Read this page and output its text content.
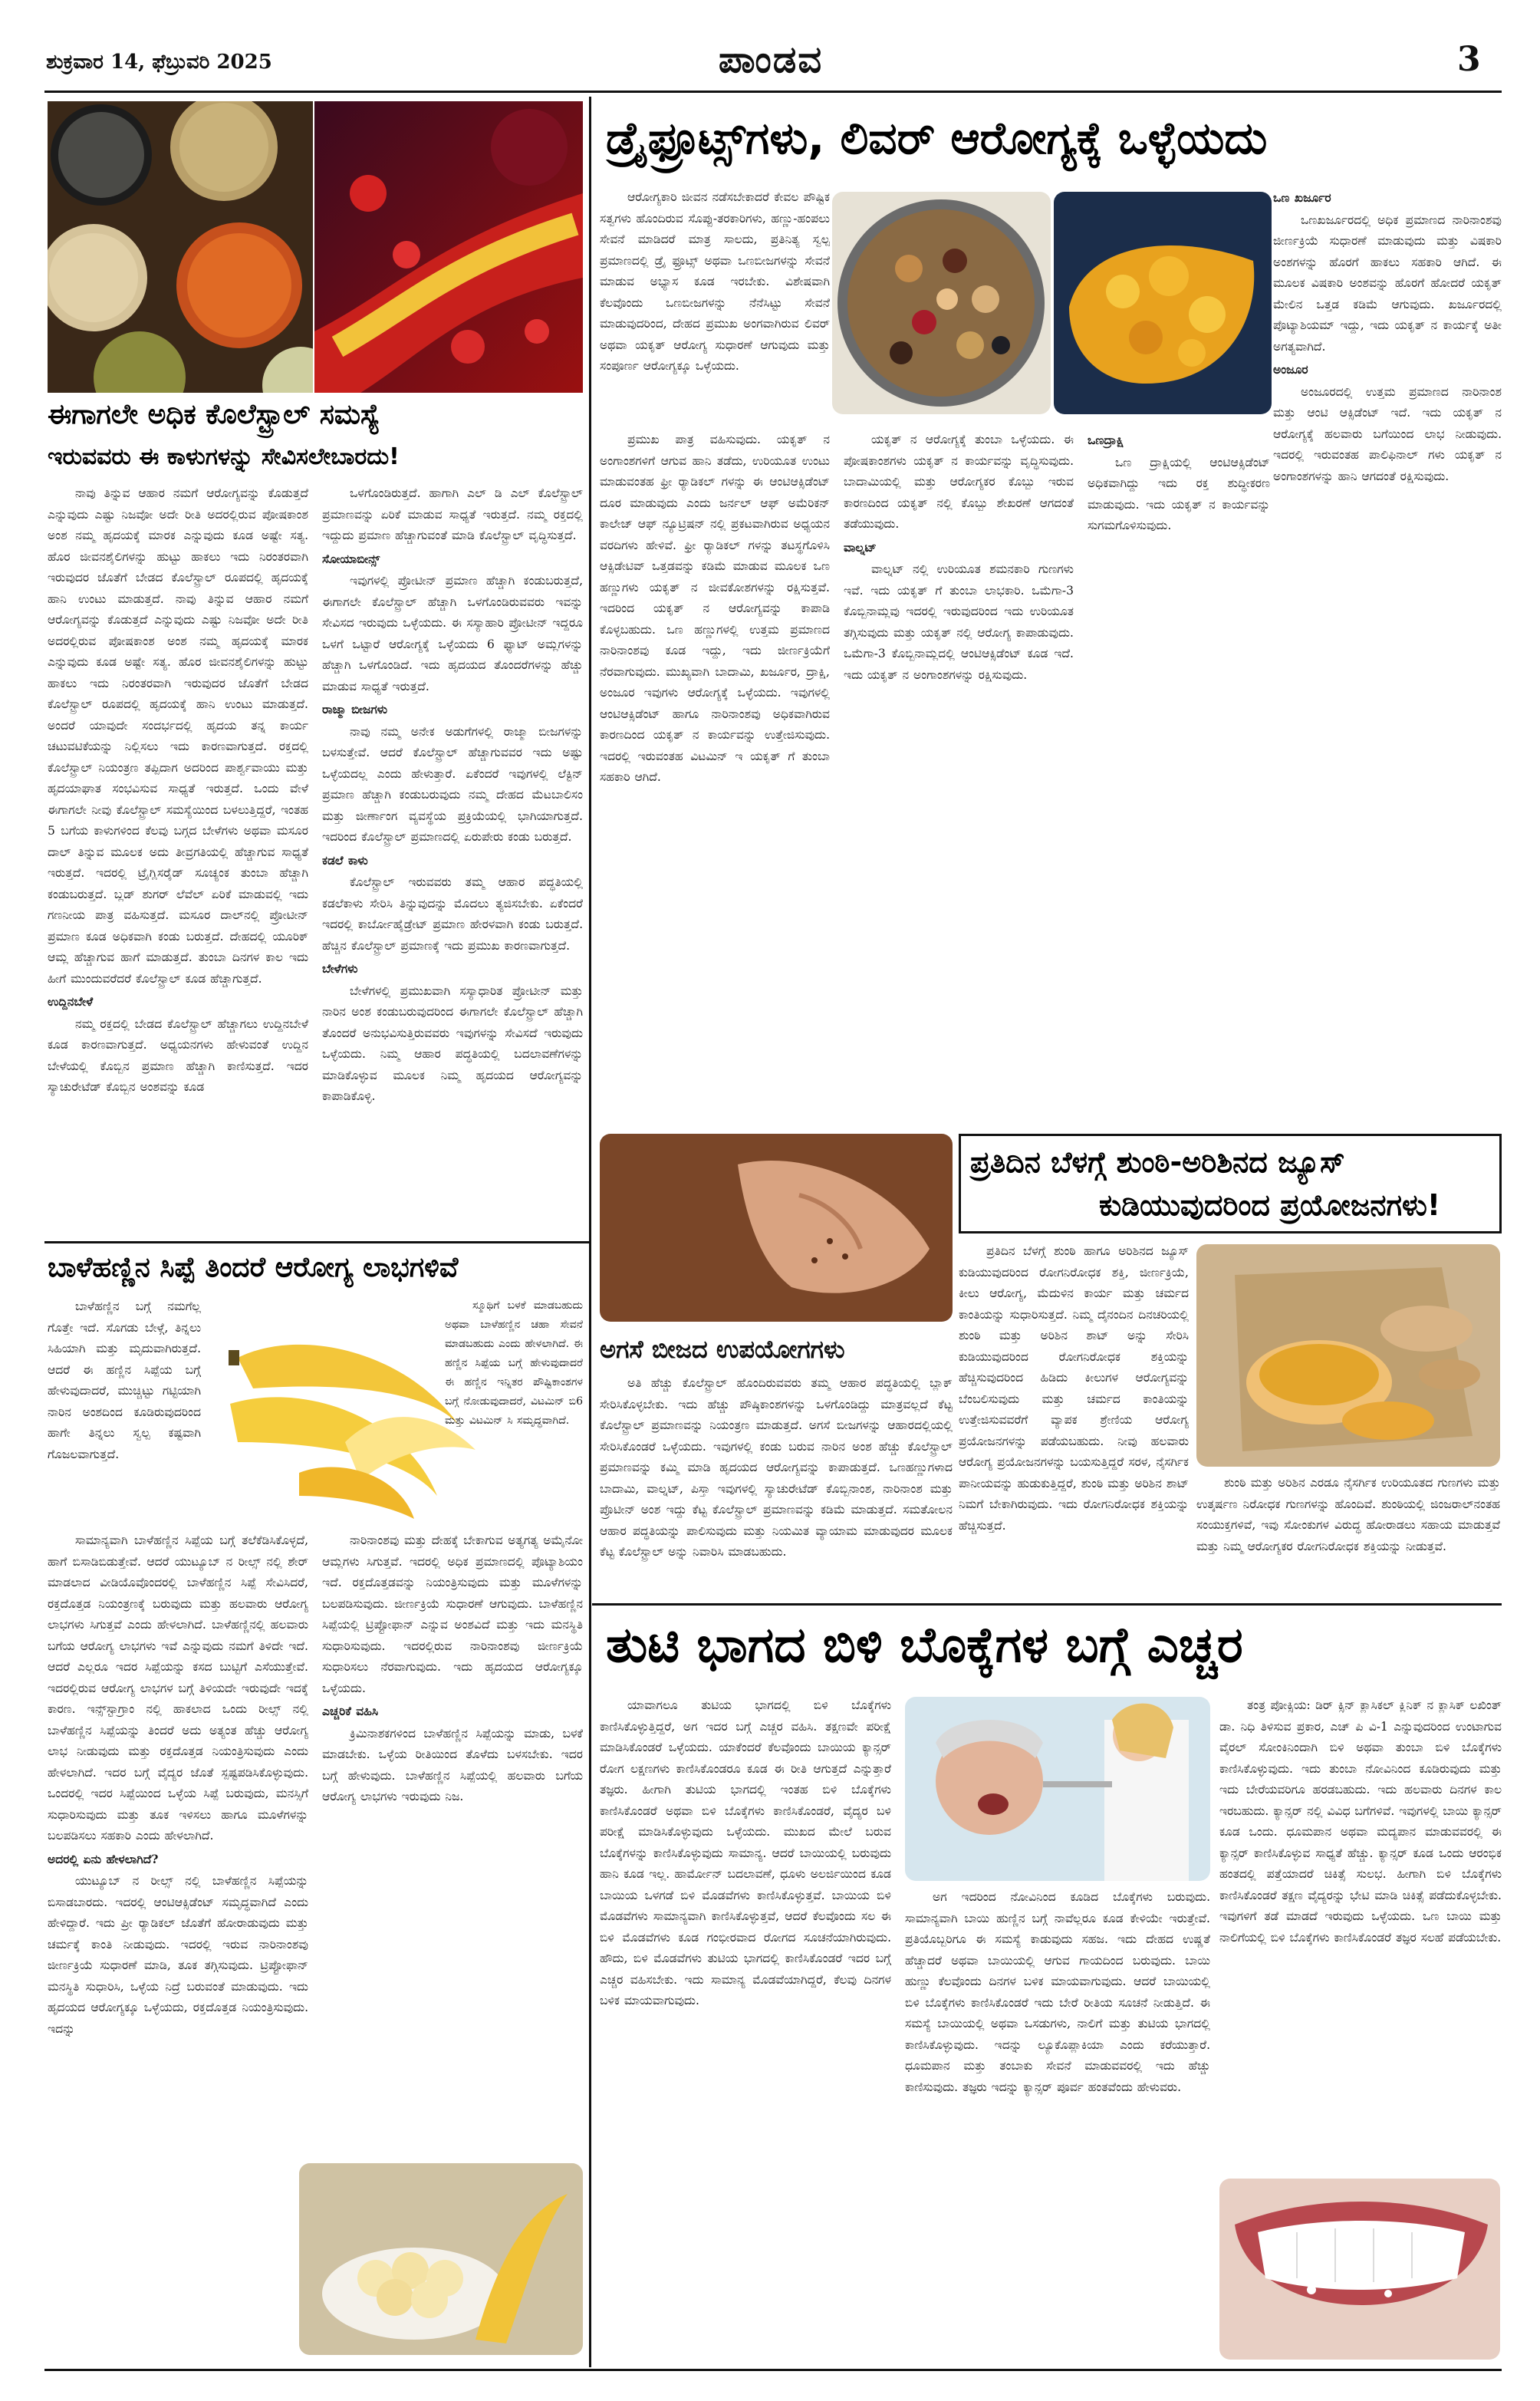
ಶುಕ್ರವಾರ 14, ಫೆಬ್ರುವರಿ 2025	ಪಾಂಡವ	3
ಈಗಾಗಲೇ ಅಧಿಕ ಕೊಲೆಸ್ಟ್ರಾಲ್ ಸಮಸ್ಯೆ
ಇರುವವರು ಈ ಕಾಳುಗಳನ್ನು ಸೇವಿಸಲೇಬಾರದು!

ನಾವು ತಿನ್ನುವ ಆಹಾರ ನಮಗೆ ಆರೋಗ್ಯವನ್ನು ಕೊಡುತ್ತದೆ ಎನ್ನುವುದು ಎಷ್ಟು ನಿಜವೋ ಅದೇ ರೀತಿ ಅದರಲ್ಲಿರುವ ಪೋಷಕಾಂಶ ಅಂಶ ನಮ್ಮ ಹೃದಯಕ್ಕೆ ಮಾರಕ ಎನ್ನುವುದು ಕೂಡ ಅಷ್ಟೇ ಸತ್ಯ. ಹೊರ ಜೀವನಶೈಲಿಗಳನ್ನು ಹುಟ್ಟು ಹಾಕಲು ಇದು ನಿರಂತರವಾಗಿ ಇರುವುದರ ಜೊತೆಗೆ ಬೇಡದ ಕೊಲೆಸ್ಟ್ರಾಲ್ ರೂಪದಲ್ಲಿ ಹೃದಯಕ್ಕೆ ಹಾನಿ ಉಂಟು ಮಾಡುತ್ತದೆ. ನಾವು ತಿನ್ನುವ ಆಹಾರ ನಮಗೆ ಆರೋಗ್ಯವನ್ನು ಕೊಡುತ್ತದೆ ಎನ್ನುವುದು ಎಷ್ಟು ನಿಜವೋ ಅದೇ ರೀತಿ ಅದರಲ್ಲಿರುವ ಪೋಷಕಾಂಶ ಅಂಶ ನಮ್ಮ ಹೃದಯಕ್ಕೆ ಮಾರಕ ಎನ್ನುವುದು ಕೂಡ ಅಷ್ಟೇ ಸತ್ಯ. ಹೊರ ಜೀವನಶೈಲಿಗಳನ್ನು ಹುಟ್ಟು ಹಾಕಲು ಇದು ನಿರಂತರವಾಗಿ ಇರುವುದರ ಜೊತೆಗೆ ಬೇಡದ ಕೊಲೆಸ್ಟ್ರಾಲ್ ರೂಪದಲ್ಲಿ ಹೃದಯಕ್ಕೆ ಹಾನಿ ಉಂಟು ಮಾಡುತ್ತದೆ. ಅಂದರೆ ಯಾವುದೇ ಸಂದರ್ಭದಲ್ಲಿ ಹೃದಯ ತನ್ನ ಕಾರ್ಯ ಚಟುವಟಿಕೆಯನ್ನು ನಿಲ್ಲಿಸಲು ಇದು ಕಾರಣವಾಗುತ್ತದೆ. ರಕ್ತದಲ್ಲಿ ಕೊಲೆಸ್ಟ್ರಾಲ್ ನಿಯಂತ್ರಣ ತಪ್ಪಿದಾಗ ಅದರಿಂದ ಪಾರ್ಶ್ವವಾಯು ಮತ್ತು ಹೃದಯಾಘಾತ ಸಂಭವಿಸುವ ಸಾಧ್ಯತೆ ಇರುತ್ತದೆ. ಒಂದು ವೇಳೆ ಈಗಾಗಲೇ ನೀವು ಕೊಲೆಸ್ಟ್ರಾಲ್ ಸಮಸ್ಯೆಯಿಂದ ಬಳಲುತ್ತಿದ್ದರೆ, ಇಂತಹ 5 ಬಗೆಯ ಕಾಳುಗಳಿಂದ ಕೆಲವು ಬಗ್ಗದ ಬೇಳೆಗಳು ಅಥವಾ ಮಸೂರ ದಾಲ್ ತಿನ್ನುವ ಮೂಲಕ ಅದು ತೀವ್ರಗತಿಯಲ್ಲಿ ಹೆಚ್ಚಾಗುವ ಸಾಧ್ಯತೆ ಇರುತ್ತದೆ. ಇದರಲ್ಲಿ ಟ್ರೈಗ್ಲಿಸರೈಡ್ ಸೂಚ್ಯಂಕ ತುಂಬಾ ಹೆಚ್ಚಾಗಿ ಕಂಡುಬರುತ್ತದೆ. ಬ್ಲಡ್ ಶುಗರ್ ಲೆವೆಲ್ ಏರಿಕೆ ಮಾಡುವಲ್ಲಿ ಇದು ಗಣನೀಯ ಪಾತ್ರ ವಹಿಸುತ್ತದೆ. ಮಸೂರ ದಾಲ್‌ನಲ್ಲಿ ಪ್ರೋಟೀನ್ ಪ್ರಮಾಣ ಕೂಡ ಅಧಿಕವಾಗಿ ಕಂಡು ಬರುತ್ತದೆ. ದೇಹದಲ್ಲಿ ಯೂರಿಕ್ ಆಮ್ಲ ಹೆಚ್ಚಾಗುವ ಹಾಗೆ ಮಾಡುತ್ತದೆ. ತುಂಬಾ ದಿನಗಳ ಕಾಲ ಇದು ಹೀಗೆ ಮುಂದುವರೆದರೆ ಕೊಲೆಸ್ಟ್ರಾಲ್ ಕೂಡ ಹೆಚ್ಚಾಗುತ್ತದೆ.

ಉದ್ದಿನಬೇಳೆ

ನಮ್ಮ ರಕ್ತದಲ್ಲಿ ಬೇಡದ ಕೊಲೆಸ್ಟ್ರಾಲ್ ಹೆಚ್ಚಾಗಲು ಉದ್ದಿನಬೇಳೆ ಕೂಡ ಕಾರಣವಾಗುತ್ತದೆ. ಅಧ್ಯಯನಗಳು ಹೇಳುವಂತೆ ಉದ್ದಿನ ಬೇಳೆಯಲ್ಲಿ ಕೊಬ್ಬಿನ ಪ್ರಮಾಣ ಹೆಚ್ಚಾಗಿ ಕಾಣಿಸುತ್ತದೆ. ಇದರ ಸ್ಯಾಚುರೇಟೆಡ್ ಕೊಬ್ಬಿನ ಅಂಶವನ್ನು ಕೂಡ

ಒಳಗೊಂಡಿರುತ್ತದೆ. ಹಾಗಾಗಿ ಎಲ್ ಡಿ ಎಲ್ ಕೊಲೆಸ್ಟ್ರಾಲ್ ಪ್ರಮಾಣವನ್ನು ಏರಿಕೆ ಮಾಡುವ ಸಾಧ್ಯತೆ ಇರುತ್ತದೆ. ನಮ್ಮ ರಕ್ತದಲ್ಲಿ ಇದ್ದುದು ಪ್ರಮಾಣ ಹೆಚ್ಚಾಗುವಂತೆ ಮಾಡಿ ಕೊಲೆಸ್ಟ್ರಾಲ್ ವೃದ್ಧಿಸುತ್ತದೆ.

ಸೋಯಾಬೀನ್ಸ್

ಇವುಗಳಲ್ಲಿ ಪ್ರೋಟೀನ್ ಪ್ರಮಾಣ ಹೆಚ್ಚಾಗಿ ಕಂಡುಬರುತ್ತದೆ, ಈಗಾಗಲೇ ಕೊಲೆಸ್ಟ್ರಾಲ್ ಹೆಚ್ಚಾಗಿ ಒಳಗೊಂಡಿರುವವರು ಇವನ್ನು ಸೇವಿಸದ ಇರುವುದು ಒಳ್ಳೆಯದು. ಈ ಸಸ್ಯಾಹಾರಿ ಪ್ರೋಟೀನ್ ಇದ್ದರೂ ಒಳಗೆ ಒಟ್ಟಾರೆ ಆರೋಗ್ಯಕ್ಕೆ ಒಳ್ಳೆಯದು 6 ಫ್ಯಾಟ್ ಅಮ್ಲಗಳನ್ನು ಹೆಚ್ಚಾಗಿ ಒಳಗೊಂಡಿದೆ. ಇದು ಹೃದಯದ ತೊಂದರೆಗಳನ್ನು ಹೆಚ್ಚು ಮಾಡುವ ಸಾಧ್ಯತೆ ಇರುತ್ತದೆ.

ರಾಜ್ಮಾ ಬೀಜಗಳು

ನಾವು ನಮ್ಮ ಅನೇಕ ಅಡುಗೆಗಳಲ್ಲಿ ರಾಜ್ಮಾ ಬೀಜಗಳನ್ನು ಬಳಸುತ್ತೇವೆ. ಆದರೆ ಕೊಲೆಸ್ಟ್ರಾಲ್ ಹೆಚ್ಚಾಗುವವರ ಇದು ಅಷ್ಟು ಒಳ್ಳೆಯದಲ್ಲ ಎಂದು ಹೇಳುತ್ತಾರೆ. ಏಕೆಂದರೆ ಇವುಗಳಲ್ಲಿ ಲೆಕ್ಟಿನ್ ಪ್ರಮಾಣ ಹೆಚ್ಚಾಗಿ ಕಂಡುಬರುವುದು ನಮ್ಮ ದೇಹದ ಮೆಟಬಾಲಿಸಂ ಮತ್ತು ಜೀರ್ಣಾಂಗ ವ್ಯವಸ್ಥೆಯ ಪ್ರಕ್ರಿಯೆಯಲ್ಲಿ ಭಾಗಿಯಾಗುತ್ತದೆ. ಇದರಿಂದ ಕೊಲೆಸ್ಟ್ರಾಲ್ ಪ್ರಮಾಣದಲ್ಲಿ ಏರುಪೇರು ಕಂಡು ಬರುತ್ತದೆ.

ಕಡಲೆ ಕಾಳು

ಕೊಲೆಸ್ಟ್ರಾಲ್ ಇರುವವರು ತಮ್ಮ ಆಹಾರ ಪದ್ಧತಿಯಲ್ಲಿ ಕಡಲೆಕಾಳು ಸೇರಿಸಿ ತಿನ್ನುವುದನ್ನು ಮೊದಲು ತ್ಯಜಿಸಬೇಕು. ಏಕೆಂದರೆ ಇದರಲ್ಲಿ ಕಾರ್ಬೋಹೈಡ್ರೇಟ್ ಪ್ರಮಾಣ ಹೇರಳವಾಗಿ ಕಂಡು ಬರುತ್ತದೆ. ಹೆಚ್ಚಿನ ಕೊಲೆಸ್ಟ್ರಾಲ್ ಪ್ರಮಾಣಕ್ಕೆ ಇದು ಪ್ರಮುಖ ಕಾರಣವಾಗುತ್ತದೆ.

ಬೇಳೆಗಳು

ಬೇಳೆಗಳಲ್ಲಿ ಪ್ರಮುಖವಾಗಿ ಸಸ್ಯಾಧಾರಿತ ಪ್ರೋಟೀನ್ ಮತ್ತು ನಾರಿನ ಅಂಶ ಕಂಡುಬರುವುದರಿಂದ ಈಗಾಗಲೇ ಕೊಲೆಸ್ಟ್ರಾಲ್ ಹೆಚ್ಚಾಗಿ ತೊಂದರೆ ಅನುಭವಿಸುತ್ತಿರುವವರು ಇವುಗಳನ್ನು ಸೇವಿಸದೆ ಇರುವುದು ಒಳ್ಳೆಯದು. ನಿಮ್ಮ ಆಹಾರ ಪದ್ಧತಿಯಲ್ಲಿ ಬದಲಾವಣೆಗಳನ್ನು ಮಾಡಿಕೊಳ್ಳುವ ಮೂಲಕ ನಿಮ್ಮ ಹೃದಯದ ಆರೋಗ್ಯವನ್ನು ಕಾಪಾಡಿಕೊಳ್ಳಿ.

ಬಾಳೆಹಣ್ಣಿನ ಸಿಪ್ಪೆ ತಿಂದರೆ ಆರೋಗ್ಯ ಲಾಭಗಳಿವೆ

ಬಾಳೆಹಣ್ಣಿನ ಬಗ್ಗೆ ನಮಗೆಲ್ಲ ಗೊತ್ತೇ ಇದೆ. ಸೊಗಡು ಬೇಳ್ಗೆ, ತಿನ್ನಲು ಸಿಹಿಯಾಗಿ ಮತ್ತು ಮೃದುವಾಗಿರುತ್ತದೆ. ಆದರೆ ಈ ಹಣ್ಣಿನ ಸಿಪ್ಪೆಯ ಬಗ್ಗೆ ಹೇಳುವುದಾದರೆ, ಮುಚ್ಚಿಟ್ಟು ಗಟ್ಟಿಯಾಗಿ ನಾರಿನ ಅಂಶದಿಂದ ಕೂಡಿರುವುದರಿಂದ ಹಾಗೇ ತಿನ್ನಲು ಸ್ವಲ್ಪ ಕಷ್ಟವಾಗಿ ಗೊಜಲವಾಗುತ್ತದೆ.

ಸಾಮಾನ್ಯವಾಗಿ ಬಾಳೆಹಣ್ಣಿನ ಸಿಪ್ಪೆಯ ಬಗ್ಗೆ ತಲೆಕೆಡಿಸಿಕೊಳ್ಳದೆ, ಹಾಗೆ ಬಿಸಾಡಿಬಿಡುತ್ತೇವೆ. ಆದರೆ ಯುಟ್ಯೂಬ್ ನ ರೀಲ್ಸ್ ನಲ್ಲಿ ಶೇರ್ ಮಾಡಲಾದ ವೀಡಿಯೊವೊಂದರಲ್ಲಿ ಬಾಳೆಹಣ್ಣಿನ ಸಿಪ್ಪೆ ಸೇವಿಸಿದರೆ, ರಕ್ತದೊತ್ತಡ ನಿಯಂತ್ರಣಕ್ಕೆ ಬರುವುದು ಮತ್ತು ಹಲವಾರು ಆರೋಗ್ಯ ಲಾಭಗಳು ಸಿಗುತ್ತವೆ ಎಂದು ಹೇಳಲಾಗಿದೆ. ಬಾಳೆಹಣ್ಣಿನಲ್ಲಿ ಹಲವಾರು ಬಗೆಯ ಆರೋಗ್ಯ ಲಾಭಗಳು ಇವೆ ಎನ್ನುವುದು ನಮಗೆ ತಿಳಿದೇ ಇದೆ. ಆದರೆ ಎಲ್ಲರೂ ಇದರ ಸಿಪ್ಪೆಯನ್ನು ಕಸದ ಬುಟ್ಟಿಗೆ ಎಸೆಯುತ್ತೇವೆ. ಇದರಲ್ಲಿರುವ ಆರೋಗ್ಯ ಲಾಭಗಳ ಬಗ್ಗೆ ತಿಳಿಯದೇ ಇರುವುದೇ ಇದಕ್ಕೆ ಕಾರಣ. ಇನ್ಸ್‌ಸ್ಟಾಗ್ರಾಂ ನಲ್ಲಿ ಹಾಕಲಾದ ಒಂದು ರೀಲ್ಸ್ ನಲ್ಲಿ ಬಾಳೆಹಣ್ಣಿನ ಸಿಪ್ಪೆಯನ್ನು ತಿಂದರೆ ಅದು ಅತ್ಯಂತ ಹೆಚ್ಚು ಆರೋಗ್ಯ ಲಾಭ ನೀಡುವುದು ಮತ್ತು ರಕ್ತದೊತ್ತಡ ನಿಯಂತ್ರಿಸುವುದು ಎಂದು ಹೇಳಲಾಗಿದೆ. ಇದರ ಬಗ್ಗೆ ವೈದ್ಯರ ಜೊತೆ ಸ್ಪಷ್ಟಪಡಿಸಿಕೊಳ್ಳುವುದು. ಒಂದರಲ್ಲಿ ಇದರ ಸಿಪ್ಪೆಯಿಂದ ಒಳ್ಳೆಯ ಸಿಪ್ಪೆ ಬರುವುದು, ಮನಸ್ಸಿಗೆ ಸುಧಾರಿಸುವುದು ಮತ್ತು ತೂಕ ಇಳಿಸಲು ಹಾಗೂ ಮೂಳೆಗಳನ್ನು ಬಲಪಡಿಸಲು ಸಹಕಾರಿ ಎಂದು ಹೇಳಲಾಗಿದೆ.

ಅದರಲ್ಲಿ ಏನು ಹೇಳಲಾಗಿದೆ?

ಯುಟ್ಯೂಬ್ ನ ರೀಲ್ಸ್ ನಲ್ಲಿ ಬಾಳೆಹಣ್ಣಿನ ಸಿಪ್ಪೆಯನ್ನು ಬಿಸಾಡಬಾರದು. ಇದರಲ್ಲಿ ಆಂಟಿಆಕ್ಸಿಡೆಂಟ್ ಸಮೃದ್ಧವಾಗಿದೆ ಎಂದು ಹೇಳಿದ್ದಾರೆ. ಇದು ಪ್ರೀ ರ್‍ಯಾಡಿಕಲ್ ಜೊತೆಗೆ ಹೋರಾಡುವುದು ಮತ್ತು ಚರ್ಮಕ್ಕೆ ಕಾಂತಿ ನೀಡುವುದು. ಇದರಲ್ಲಿ ಇರುವ ನಾರಿನಾಂಶವು ಜೀರ್ಣಕ್ರಿಯೆ ಸುಧಾರಣೆ ಮಾಡಿ, ತೂಕ ತಗ್ಗಿಸುವುದು. ಟ್ರಿಪ್ಟೋಫಾನ್ ಮನಸ್ಥಿತಿ ಸುಧಾರಿಸಿ, ಒಳ್ಳೆಯ ನಿದ್ರೆ ಬರುವಂತೆ ಮಾಡುವುದು. ಇದು ಹೃದಯದ ಆರೋಗ್ಯಕ್ಕೂ ಒಳ್ಳೆಯದು, ರಕ್ತದೊತ್ತಡ ನಿಯಂತ್ರಿಸುವುದು. ಇದನ್ನು

ಸ್ಮೂಥಿಗೆ ಬಳಕೆ ಮಾಡಬಹುದು ಅಥವಾ ಬಾಳೆಹಣ್ಣಿನ ಚಹಾ ಸೇವನೆ ಮಾಡಬಹುದು ಎಂದು ಹೇಳಲಾಗಿದೆ. ಈ ಹಣ್ಣಿನ ಸಿಪ್ಪೆಯ ಬಗ್ಗೆ ಹೇಳುವುದಾದರೆ ಈ ಹಣ್ಣಿನ ಇನ್ನಿತರ ಪೌಷ್ಟಿಕಾಂಶಗಳ ಬಗ್ಗೆ ನೋಡುವುದಾದರೆ, ವಿಟಮಿನ್ ಬಿ6 ಮತ್ತು ವಿಟಮಿನ್ ಸಿ ಸಮೃದ್ಧವಾಗಿದೆ.

ನಾರಿನಾಂಶವು ಮತ್ತು ದೇಹಕ್ಕೆ ಬೇಕಾಗುವ ಅತ್ಯಗತ್ಯ ಅಮೈನೋ ಆಮ್ಲಗಳು ಸಿಗುತ್ತವೆ. ಇದರಲ್ಲಿ ಅಧಿಕ ಪ್ರಮಾಣದಲ್ಲಿ ಪೊಟ್ಯಾಶಿಯಂ ಇದೆ. ರಕ್ತದೊತ್ತಡವನ್ನು ನಿಯಂತ್ರಿಸುವುದು ಮತ್ತು ಮೂಳೆಗಳನ್ನು ಬಲಪಡಿಸುವುದು. ಜೀರ್ಣಕ್ರಿಯೆ ಸುಧಾರಣೆ ಆಗುವುದು. ಬಾಳೆಹಣ್ಣಿನ ಸಿಪ್ಪೆಯಲ್ಲಿ ಟ್ರಿಪ್ಟೋಫಾನ್ ಎನ್ನುವ ಅಂಶವಿದೆ ಮತ್ತು ಇದು ಮನಸ್ಥಿತಿ ಸುಧಾರಿಸುವುದು. ಇದರಲ್ಲಿರುವ ನಾರಿನಾಂಶವು ಜೀರ್ಣಕ್ರಿಯೆ ಸುಧಾರಿಸಲು ನೆರವಾಗುವುದು. ಇದು ಹೃದಯದ ಆರೋಗ್ಯಕ್ಕೂ ಒಳ್ಳೆಯದು.

ಎಚ್ಚರಿಕೆ ವಹಿಸಿ

ಕ್ರಿಮಿನಾಶಕಗಳಿಂದ ಬಾಳೆಹಣ್ಣಿನ ಸಿಪ್ಪೆಯನ್ನು ಮಾಡು, ಬಳಕೆ ಮಾಡಬೇಕು. ಒಳ್ಳೆಯ ರೀತಿಯಿಂದ ತೊಳೆದು ಬಳಸಬೇಕು. ಇದರ ಬಗ್ಗೆ ಹೇಳುವುದು. ಬಾಳೆಹಣ್ಣಿನ ಸಿಪ್ಪೆಯಲ್ಲಿ ಹಲವಾರು ಬಗೆಯ ಆರೋಗ್ಯ ಲಾಭಗಳು ಇರುವುದು ನಿಜ.

ಡ್ರೈಫ್ರೂಟ್ಸ್‌ಗಳು, ಲಿವರ್ ಆರೋಗ್ಯಕ್ಕೆ ಒಳ್ಳೆಯದು

ಆರೋಗ್ಯಕಾರಿ ಜೀವನ ನಡೆಸಬೇಕಾದರೆ ಕೇವಲ ಪೌಷ್ಟಿಕ ಸತ್ವಗಳು ಹೊಂದಿರುವ ಸೊಪ್ಪು-ತರಕಾರಿಗಳು, ಹಣ್ಣು-ಹಂಪಲು ಸೇವನೆ ಮಾಡಿದರೆ ಮಾತ್ರ ಸಾಲದು, ಪ್ರತಿನಿತ್ಯ ಸ್ವಲ್ಪ ಪ್ರಮಾಣದಲ್ಲಿ ಡ್ರೈ ಫ್ರೂಟ್ಸ್ ಅಥವಾ ಒಣಬೀಜಗಳನ್ನು ಸೇವನೆ ಮಾಡುವ ಅಭ್ಯಾಸ ಕೂಡ ಇರಬೇಕು. ವಿಶೇಷವಾಗಿ ಕೆಲವೊಂದು ಒಣಬೀಜಗಳನ್ನು ನೆನೆಸಿಟ್ಟು ಸೇವನೆ ಮಾಡುವುದರಿಂದ, ದೇಹದ ಪ್ರಮುಖ ಅಂಗವಾಗಿರುವ ಲಿವರ್ ಅಥವಾ ಯಕೃತ್ ಆರೋಗ್ಯ ಸುಧಾರಣೆ ಆಗುವುದು ಮತ್ತು ಸಂಪೂರ್ಣ ಆರೋಗ್ಯಕ್ಕೂ ಒಳ್ಳೆಯದು.

ಪ್ರಮುಖ ಪಾತ್ರ ವಹಿಸುವುದು. ಯಕೃತ್ ನ ಅಂಗಾಂಶಗಳಿಗೆ ಆಗುವ ಹಾನಿ ತಡೆದು, ಉರಿಯೂತ ಉಂಟು ಮಾಡುವಂತಹ ಫ್ರೀ ರ್‍ಯಾಡಿಕಲ್ ಗಳನ್ನು ಈ ಆಂಟಿಆಕ್ಸಿಡೆಂಟ್ ದೂರ ಮಾಡುವುದು ಎಂದು ಜರ್ನಲ್ ಆಫ್ ಅಮೆರಿಕನ್ ಕಾಲೇಜ್ ಆಫ್ ನ್ಯೂಟ್ರಿಷನ್ ನಲ್ಲಿ ಪ್ರಕಟವಾಗಿರುವ ಅಧ್ಯಯನ ವರದಿಗಳು ಹೇಳಿವೆ. ಫ್ರೀ ರ್‍ಯಾಡಿಕಲ್ ಗಳನ್ನು ತಟಸ್ಥಗೊಳಿಸಿ ಆಕ್ಸಿಡೇಟಿವ್ ಒತ್ತಡವನ್ನು ಕಡಿಮೆ ಮಾಡುವ ಮೂಲಕ ಒಣ ಹಣ್ಣುಗಳು ಯಕೃತ್ ನ ಜೀವಕೋಶಗಳನ್ನು ರಕ್ಷಿಸುತ್ತವೆ. ಇದರಿಂದ ಯಕೃತ್ ನ ಆರೋಗ್ಯವನ್ನು ಕಾಪಾಡಿ ಕೊಳ್ಳಬಹುದು. ಒಣ ಹಣ್ಣುಗಳಲ್ಲಿ ಉತ್ತಮ ಪ್ರಮಾಣದ ನಾರಿನಾಂಶವು ಕೂಡ ಇದ್ದು, ಇದು ಜೀರ್ಣಕ್ರಿಯೆಗೆ ನೆರವಾಗುವುದು. ಮುಖ್ಯವಾಗಿ ಬಾದಾಮಿ, ಖರ್ಜೂರ, ದ್ರಾಕ್ಷಿ, ಅಂಜೂರ ಇವುಗಳು ಆರೋಗ್ಯಕ್ಕೆ ಒಳ್ಳೆಯದು. ಇವುಗಳಲ್ಲಿ ಆಂಟಿಆಕ್ಸಿಡೆಂಟ್ ಹಾಗೂ ನಾರಿನಾಂಶವು ಅಧಿಕವಾಗಿರುವ ಕಾರಣದಿಂದ ಯಕೃತ್ ನ ಕಾರ್ಯವನ್ನು ಉತ್ತೇಜಿಸುವುದು. ಇದರಲ್ಲಿ ಇರುವಂತಹ ವಿಟಮಿನ್ ಇ ಯಕೃತ್ ಗೆ ತುಂಬಾ ಸಹಕಾರಿ ಆಗಿದೆ.

ಯಕೃತ್ ನ ಆರೋಗ್ಯಕ್ಕೆ ತುಂಬಾ ಒಳ್ಳೆಯದು. ಈ ಪೋಷಕಾಂಶಗಳು ಯಕೃತ್ ನ ಕಾರ್ಯವನ್ನು ವೃದ್ಧಿಸುವುದು. ಬಾದಾಮಿಯಲ್ಲಿ ಮತ್ತು ಆರೋಗ್ಯಕರ ಕೊಬ್ಬು ಇರುವ ಕಾರಣದಿಂದ ಯಕೃತ್ ನಲ್ಲಿ ಕೊಬ್ಬು ಶೇಖರಣೆ ಆಗದಂತೆ ತಡೆಯುವುದು.

ವಾಲ್ನಟ್

ವಾಲ್ನಟ್ ನಲ್ಲಿ ಉರಿಯೂತ ಶಮನಕಾರಿ ಗುಣಗಳು ಇವೆ. ಇದು ಯಕೃತ್ ಗೆ ತುಂಬಾ ಲಾಭಕಾರಿ. ಒಮೆಗಾ-3 ಕೊಬ್ಬಿನಾಮ್ಲವು ಇದರಲ್ಲಿ ಇರುವುದರಿಂದ ಇದು ಉರಿಯೂತ ತಗ್ಗಿಸುವುದು ಮತ್ತು ಯಕೃತ್ ನಲ್ಲಿ ಆರೋಗ್ಯ ಕಾಪಾಡುವುದು. ಒಮೆಗಾ-3 ಕೊಬ್ಬಿನಾಮ್ಲದಲ್ಲಿ ಆಂಟಿಆಕ್ಸಿಡೆಂಟ್ ಕೂಡ ಇದೆ. ಇದು ಯಕೃತ್ ನ ಅಂಗಾಂಶಗಳನ್ನು ರಕ್ಷಿಸುವುದು.

ಒಣ ಖರ್ಜೂರ

ಒಣಖರ್ಜೂರದಲ್ಲಿ ಅಧಿಕ ಪ್ರಮಾಣದ ನಾರಿನಾಂಶವು ಜೀರ್ಣಕ್ರಿಯೆ ಸುಧಾರಣೆ ಮಾಡುವುದು ಮತ್ತು ವಿಷಕಾರಿ ಅಂಶಗಳನ್ನು ಹೊರಗೆ ಹಾಕಲು ಸಹಕಾರಿ ಆಗಿದೆ. ಈ ಮೂಲಕ ವಿಷಕಾರಿ ಅಂಶವನ್ನು ಹೊರಗೆ ಹೋದರೆ ಯಕೃತ್ ಮೇಲಿನ ಒತ್ತಡ ಕಡಿಮೆ ಆಗುವುದು. ಖರ್ಜೂರದಲ್ಲಿ ಪೊಟ್ಯಾಶಿಯಮ್ ಇದ್ದು, ಇದು ಯಕೃತ್ ನ ಕಾರ್ಯಕ್ಕೆ ಅತೀ ಅಗತ್ಯವಾಗಿದೆ.

ಅಂಜೂರ

ಅಂಜೂರದಲ್ಲಿ ಉತ್ತಮ ಪ್ರಮಾಣದ ನಾರಿನಾಂಶ ಮತ್ತು ಆಂಟಿ ಆಕ್ಸಿಡೆಂಟ್ ಇದೆ. ಇದು ಯಕೃತ್ ನ ಆರೋಗ್ಯಕ್ಕೆ ಹಲವಾರು ಬಗೆಯಿಂದ ಲಾಭ ನೀಡುವುದು. ಇದರಲ್ಲಿ ಇರುವಂತಹ ಪಾಲಿಫಿನಾಲ್ ಗಳು ಯಕೃತ್ ನ ಅಂಗಾಂಶಗಳನ್ನು ಹಾನಿ ಆಗದಂತೆ ರಕ್ಷಿಸುವುದು.

ಒಣದ್ರಾಕ್ಷಿ

ಒಣ ದ್ರಾಕ್ಷಿಯಲ್ಲಿ ಆಂಟಿಆಕ್ಸಿಡೆಂಟ್ ಅಧಿಕವಾಗಿದ್ದು ಇದು ರಕ್ತ ಶುದ್ಧೀಕರಣ ಮಾಡುವುದು. ಇದು ಯಕೃತ್ ನ ಕಾರ್ಯವನ್ನು ಸುಗಮಗೊಳಿಸುವುದು.

ಅಗಸೆ ಬೀಜದ ಉಪಯೋಗಗಳು

ಅತಿ ಹೆಚ್ಚು ಕೊಲೆಸ್ಟ್ರಾಲ್ ಹೊಂದಿರುವವರು ತಮ್ಮ ಆಹಾರ ಪದ್ಧತಿಯಲ್ಲಿ ಬ್ಲಾಕ್ ಸೇರಿಸಿಕೊಳ್ಳಬೇಕು. ಇದು ಹೆಚ್ಚು ಪೌಷ್ಠಿಕಾಂಶಗಳನ್ನು ಒಳಗೊಂಡಿದ್ದು ಮಾತ್ರವಲ್ಲದೆ ಕೆಟ್ಟ ಕೊಲೆಸ್ಟ್ರಾಲ್ ಪ್ರಮಾಣವನ್ನು ನಿಯಂತ್ರಣ ಮಾಡುತ್ತದೆ. ಅಗಸೆ ಬೀಜಗಳನ್ನು ಆಹಾರದಲ್ಲಿಯಲ್ಲಿ ಸೇರಿಸಿಕೊಂಡರೆ ಒಳ್ಳೆಯದು. ಇವುಗಳಲ್ಲಿ ಕಂಡು ಬರುವ ನಾರಿನ ಅಂಶ ಹೆಚ್ಚು ಕೊಲೆಸ್ಟ್ರಾಲ್ ಪ್ರಮಾಣವನ್ನು ಕಮ್ಮಿ ಮಾಡಿ ಹೃದಯದ ಆರೋಗ್ಯವನ್ನು ಕಾಪಾಡುತ್ತದೆ. ಒಣಹಣ್ಣುಗಳಾದ ಬಾದಾಮಿ, ವಾಲ್ನಟ್, ಪಿಸ್ತಾ ಇವುಗಳಲ್ಲಿ ಸ್ಯಾಚುರೇಟೆಡ್ ಕೊಬ್ಬಿನಾಂಶ, ನಾರಿನಾಂಶ ಮತ್ತು ಪ್ರೊಟೀನ್ ಅಂಶ ಇದ್ದು ಕೆಟ್ಟ ಕೊಲೆಸ್ಟ್ರಾಲ್ ಪ್ರಮಾಣವನ್ನು ಕಡಿಮೆ ಮಾಡುತ್ತದೆ. ಸಮತೋಲನ ಆಹಾರ ಪದ್ಧತಿಯನ್ನು ಪಾಲಿಸುವುದು ಮತ್ತು ನಿಯಮಿತ ವ್ಯಾಯಾಮ ಮಾಡುವುದರ ಮೂಲಕ ಕೆಟ್ಟ ಕೊಲೆಸ್ಟ್ರಾಲ್ ಅನ್ನು ನಿವಾರಿಸಿ ಮಾಡಬಹುದು.

ಪ್ರತಿದಿನ ಬೆಳಗ್ಗೆ ಶುಂಠಿ-ಅರಿಶಿನದ ಜ್ಯೂಸ್
ಕುಡಿಯುವುದರಿಂದ ಪ್ರಯೋಜನಗಳು!

ಪ್ರತಿದಿನ ಬೆಳಗ್ಗೆ ಶುಂಠಿ ಹಾಗೂ ಅರಿಶಿನದ ಜ್ಯೂಸ್ ಕುಡಿಯುವುದರಿಂದ ರೋಗನಿರೋಧಕ ಶಕ್ತಿ, ಜೀರ್ಣಕ್ರಿಯೆ, ಕೀಲು ಆರೋಗ್ಯ, ಮೆದುಳಿನ ಕಾರ್ಯ ಮತ್ತು ಚರ್ಮದ ಕಾಂತಿಯನ್ನು ಸುಧಾರಿಸುತ್ತದೆ. ನಿಮ್ಮ ದೈನಂದಿನ ದಿನಚರಿಯಲ್ಲಿ ಶುಂಠಿ ಮತ್ತು ಅರಿಶಿನ ಶಾಟ್ ಅನ್ನು ಸೇರಿಸಿ ಕುಡಿಯುವುದರಿಂದ ರೋಗನಿರೋಧಕ ಶಕ್ತಿಯನ್ನು ಹೆಚ್ಚಿಸುವುದರಿಂದ ಹಿಡಿದು ಕೀಲುಗಳ ಆರೋಗ್ಯವನ್ನು ಬೆಂಬಲಿಸುವುದು ಮತ್ತು ಚರ್ಮದ ಕಾಂತಿಯನ್ನು ಉತ್ತೇಜಿಸುವವರೆಗೆ ವ್ಯಾಪಕ ಶ್ರೇಣಿಯ ಆರೋಗ್ಯ ಪ್ರಯೋಜನಗಳನ್ನು ಪಡೆಯಬಹುದು. ನೀವು ಹಲವಾರು ಆರೋಗ್ಯ ಪ್ರಯೋಜನಗಳನ್ನು ಬಯಸುತ್ತಿದ್ದರೆ ಸರಳ, ನೈಸರ್ಗಿಕ ಪಾನೀಯವನ್ನು ಹುಡುಕುತ್ತಿದ್ದರೆ, ಶುಂಠಿ ಮತ್ತು ಅರಿಶಿನ ಶಾಟ್ ನಿಮಗೆ ಬೇಕಾಗಿರುವುದು. ಇದು ರೋಗನಿರೋಧಕ ಶಕ್ತಿಯನ್ನು ಹೆಚ್ಚಿಸುತ್ತದೆ.

ಶುಂಠಿ ಮತ್ತು ಅರಿಶಿನ ಎರಡೂ ನೈಸರ್ಗಿಕ ಉರಿಯೂತದ ಗುಣಗಳು ಮತ್ತು ಉತ್ಕರ್ಷಣ ನಿರೋಧಕ ಗುಣಗಳನ್ನು ಹೊಂದಿವೆ. ಶುಂಠಿಯಲ್ಲಿ ಜಿಂಜರಾಲ್‌ನಂತಹ ಸಂಯುಕ್ತಗಳಿವೆ, ಇವು ಸೋಂಕುಗಳ ವಿರುದ್ಧ ಹೋರಾಡಲು ಸಹಾಯ ಮಾಡುತ್ತವೆ ಮತ್ತು ನಿಮ್ಮ ಆರೋಗ್ಯಕರ ರೋಗನಿರೋಧಕ ಶಕ್ತಿಯನ್ನು ನೀಡುತ್ತವೆ.

ತುಟಿ ಭಾಗದ ಬಿಳಿ ಬೊಕ್ಕೆಗಳ ಬಗ್ಗೆ ಎಚ್ಚರ

ಯಾವಾಗಲೂ ತುಟಿಯ ಭಾಗದಲ್ಲಿ ಬಿಳಿ ಬೊಕ್ಕೆಗಳು ಕಾಣಿಸಿಕೊಳ್ಳುತ್ತಿದ್ದರೆ, ಅಗ ಇದರ ಬಗ್ಗೆ ಎಚ್ಚರ ವಹಿಸಿ. ತಕ್ಷಣವೇ ಪರೀಕ್ಷೆ ಮಾಡಿಸಿಕೊಂಡರೆ ಒಳ್ಳೆಯದು. ಯಾಕೆಂದರೆ ಕೆಲವೊಂದು ಬಾಯಿಯ ಕ್ಯಾನ್ಸರ್ ರೋಗ ಲಕ್ಷಣಗಳು ಕಾಣಿಸಿಕೊಂಡರೂ ಕೂಡ ಈ ರೀತಿ ಆಗುತ್ತದೆ ಎನ್ನುತ್ತಾರೆ ತಜ್ಞರು. ಹೀಗಾಗಿ ತುಟಿಯ ಭಾಗದಲ್ಲಿ ಇಂತಹ ಬಿಳಿ ಬೊಕ್ಕೆಗಳು ಕಾಣಿಸಿಕೊಂಡರೆ ಅಥವಾ ಬಿಳಿ ಬೊಕ್ಕೆಗಳು ಕಾಣಿಸಿಕೊಂಡರೆ, ವೈದ್ಯರ ಬಳಿ ಪರೀಕ್ಷೆ ಮಾಡಿಸಿಕೊಳ್ಳುವುದು ಒಳ್ಳೆಯದು. ಮುಖದ ಮೇಲೆ ಬರುವ ಬೊಕ್ಕೆಗಳನ್ನು ಕಾಣಿಸಿಕೊಳ್ಳುವುದು ಸಾಮಾನ್ಯ. ಆದರೆ ಬಾಯಿಯಲ್ಲಿ ಬರುವುದು ಹಾನಿ ಕೂಡ ಇಲ್ಲ. ಹಾರ್ಮೋನ್ ಬದಲಾವಣೆ, ಧೂಳು ಅಲರ್ಜಿಯಿಂದ ಕೂಡ ಬಾಯಿಯ ಒಳಗಡೆ ಬಿಳಿ ಮೊಡವೆಗಳು ಕಾಣಿಸಿಕೊಳ್ಳುತ್ತವೆ. ಬಾಯಿಯ ಬಿಳಿ ಮೊಡವೆಗಳು ಸಾಮಾನ್ಯವಾಗಿ ಕಾಣಿಸಿಕೊಳ್ಳುತ್ತವೆ, ಆದರೆ ಕೆಲವೊಂದು ಸಲ ಈ ಬಿಳಿ ಮೊಡವೆಗಳು ಕೂಡ ಗಂಭೀರವಾದ ರೋಗದ ಸೂಚನೆಯಾಗಿರುವುದು. ಹೌದು, ಬಿಳಿ ಮೊಡವೆಗಳು ತುಟಿಯ ಭಾಗದಲ್ಲಿ ಕಾಣಿಸಿಕೊಂಡರೆ ಇದರ ಬಗ್ಗೆ ಎಚ್ಚರ ವಹಿಸಬೇಕು. ಇದು ಸಾಮಾನ್ಯ ಮೊಡವೆಯಾಗಿದ್ದರೆ, ಕೆಲವು ದಿನಗಳ ಬಳಿಕ ಮಾಯವಾಗುವುದು.

ಅಗ ಇದರಿಂದ ನೋವಿನಿಂದ ಕೂಡಿದ ಬೊಕ್ಕೆಗಳು ಬರುವುದು. ಸಾಮಾನ್ಯವಾಗಿ ಬಾಯಿ ಹುಣ್ಣಿನ ಬಗ್ಗೆ ನಾವೆಲ್ಲರೂ ಕೂಡ ಕೇಳಿಯೇ ಇರುತ್ತೇವೆ. ಪ್ರತಿಯೊಬ್ಬರಿಗೂ ಈ ಸಮಸ್ಯೆ ಕಾಡುವುದು ಸಹಜ. ಇದು ದೇಹದ ಉಷ್ಣತೆ ಹೆಚ್ಚಾದರೆ ಅಥವಾ ಬಾಯಿಯಲ್ಲಿ ಆಗುವ ಗಾಯದಿಂದ ಬರುವುದು. ಬಾಯಿ ಹುಣ್ಣು ಕೆಲವೊಂದು ದಿನಗಳ ಬಳಿಕ ಮಾಯವಾಗುವುದು. ಆದರೆ ಬಾಯಿಯಲ್ಲಿ ಬಿಳಿ ಬೊಕ್ಕೆಗಳು ಕಾಣಿಸಿಕೊಂಡರೆ ಇದು ಬೇರೆ ರೀತಿಯ ಸೂಚನೆ ನೀಡುತ್ತಿದೆ. ಈ ಸಮಸ್ಯೆ ಬಾಯಿಯಲ್ಲಿ ಅಥವಾ ಒಸಡುಗಳು, ನಾಲಿಗೆ ಮತ್ತು ತುಟಿಯ ಭಾಗದಲ್ಲಿ ಕಾಣಿಸಿಕೊಳ್ಳುವುದು. ಇದನ್ನು ಲ್ಯೂಕೊಪ್ಲಾಕಿಯಾ ಎಂದು ಕರೆಯುತ್ತಾರೆ. ಧೂಮಪಾನ ಮತ್ತು ತಂಬಾಕು ಸೇವನೆ ಮಾಡುವವರಲ್ಲಿ ಇದು ಹೆಚ್ಚು ಕಾಣಿಸುವುದು. ತಜ್ಞರು ಇದನ್ನು ಕ್ಯಾನ್ಸರ್ ಪೂರ್ವ ಹಂತವೆಂದು ಹೇಳುವರು.

ತಂತ್ರ ಪೋಕ್ಸಿಯ: ಡಿರ್ ಕ್ಸಿನ್ ಕ್ಲಾಸಿಕಲ್ ಕ್ಲಿನಿಕ್ ನ ಕ್ಲಾಸಿಕ್ ಲಖಿಂತ್ ಡಾ. ನಿಧಿ ತಿಳಿಸುವ ಪ್ರಕಾರ, ಎಚ್ ಪಿ ವಿ-1 ಎನ್ನುವುದರಿಂದ ಉಂಟಾಗುವ ವೈರಲ್ ಸೋಂಕಿನಿಂದಾಗಿ ಬಿಳಿ ಅಥವಾ ತುಂಬಾ ಬಿಳಿ ಬೊಕ್ಕೆಗಳು ಕಾಣಿಸಿಕೊಳ್ಳುವುದು. ಇದು ತುಂಬಾ ನೋವಿನಿಂದ ಕೂಡಿರುವುದು ಮತ್ತು ಇದು ಬೇರೆಯವರಿಗೂ ಹರಡಬಹುದು. ಇದು ಹಲವಾರು ದಿನಗಳ ಕಾಲ ಇರಬಹುದು. ಕ್ಯಾನ್ಸರ್ ನಲ್ಲಿ ವಿವಿಧ ಬಗೆಗಳಿವೆ. ಇವುಗಳಲ್ಲಿ ಬಾಯಿ ಕ್ಯಾನ್ಸರ್ ಕೂಡ ಒಂದು. ಧೂಮಪಾನ ಅಥವಾ ಮದ್ಯಪಾನ ಮಾಡುವವರಲ್ಲಿ ಈ ಕ್ಯಾನ್ಸರ್ ಕಾಣಿಸಿಕೊಳ್ಳುವ ಸಾಧ್ಯತೆ ಹೆಚ್ಚು. ಕ್ಯಾನ್ಸರ್ ಕೂಡ ಒಂದು ಆರಂಭಿಕ ಹಂತದಲ್ಲಿ ಪತ್ತೆಯಾದರೆ ಚಿಕಿತ್ಸೆ ಸುಲಭ. ಹೀಗಾಗಿ ಬಿಳಿ ಬೊಕ್ಕೆಗಳು ಕಾಣಿಸಿಕೊಂಡರೆ ತಕ್ಷಣ ವೈದ್ಯರನ್ನು ಭೇಟಿ ಮಾಡಿ ಚಿಕಿತ್ಸೆ ಪಡೆದುಕೊಳ್ಳಬೇಕು. ಇವುಗಳಿಗೆ ತಡೆ ಮಾಡದೆ ಇರುವುದು ಒಳ್ಳೆಯದು. ಒಣ ಬಾಯಿ ಮತ್ತು ನಾಲಿಗೆಯಲ್ಲಿ ಬಿಳಿ ಬೊಕ್ಕೆಗಳು ಕಾಣಿಸಿಕೊಂಡರೆ ತಜ್ಞರ ಸಲಹೆ ಪಡೆಯಬೇಕು.
